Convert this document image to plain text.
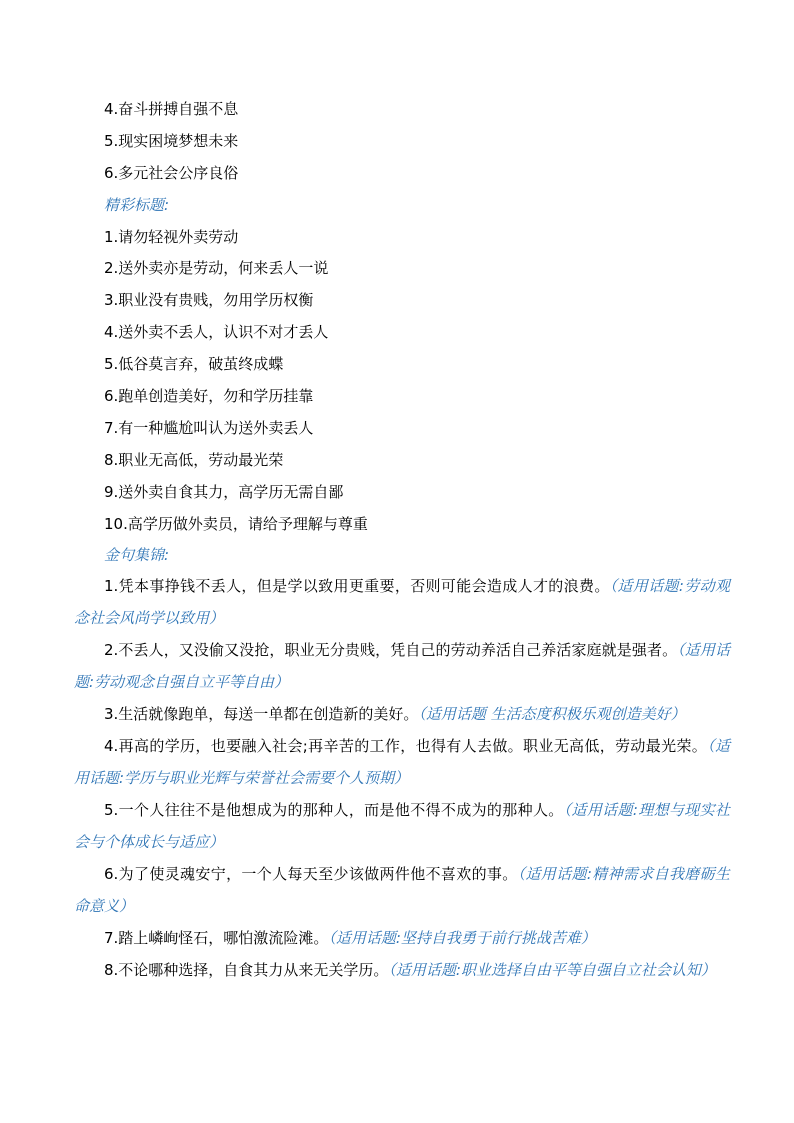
4.奋斗拼搏自强不息
5.现实困境梦想未来
6.多元社会公序良俗
精彩标题:
1.请勿轻视外卖劳动
2.送外卖亦是劳动，何来丢人一说
3.职业没有贵贱，勿用学历权衡
4.送外卖不丢人，认识不对才丢人
5.低谷莫言弃，破茧终成蝶
6.跑单创造美好，勿和学历挂靠
7.有一种尴尬叫认为送外卖丢人
8.职业无高低，劳动最光荣
9.送外卖自食其力，高学历无需自鄙
10.高学历做外卖员，请给予理解与尊重
金句集锦:
1.凭本事挣钱不丢人，但是学以致用更重要，否则可能会造成人才的浪费。（适用话题:劳动观念社会风尚学以致用）
2.不丢人，又没偷又没抢，职业无分贵贱，凭自己的劳动养活自己养活家庭就是强者。（适用话题:劳动观念自强自立平等自由）
3.生活就像跑单，每送一单都在创造新的美好。（适用话题 生活态度积极乐观创造美好）
4.再高的学历，也要融入社会;再辛苦的工作，也得有人去做。职业无高低，劳动最光荣。（适用话题:学历与职业光辉与荣誉社会需要个人预期）
5.一个人往往不是他想成为的那种人，而是他不得不成为的那种人。（适用话题:理想与现实社会与个体成长与适应）
6.为了使灵魂安宁，一个人每天至少该做两件他不喜欢的事。（适用话题:精神需求自我磨砺生命意义）
7.踏上嶙峋怪石，哪怕激流险滩。（适用话题:坚持自我勇于前行挑战苦难）
8.不论哪种选择，自食其力从来无关学历。（适用话题:职业选择自由平等自强自立社会认知）
